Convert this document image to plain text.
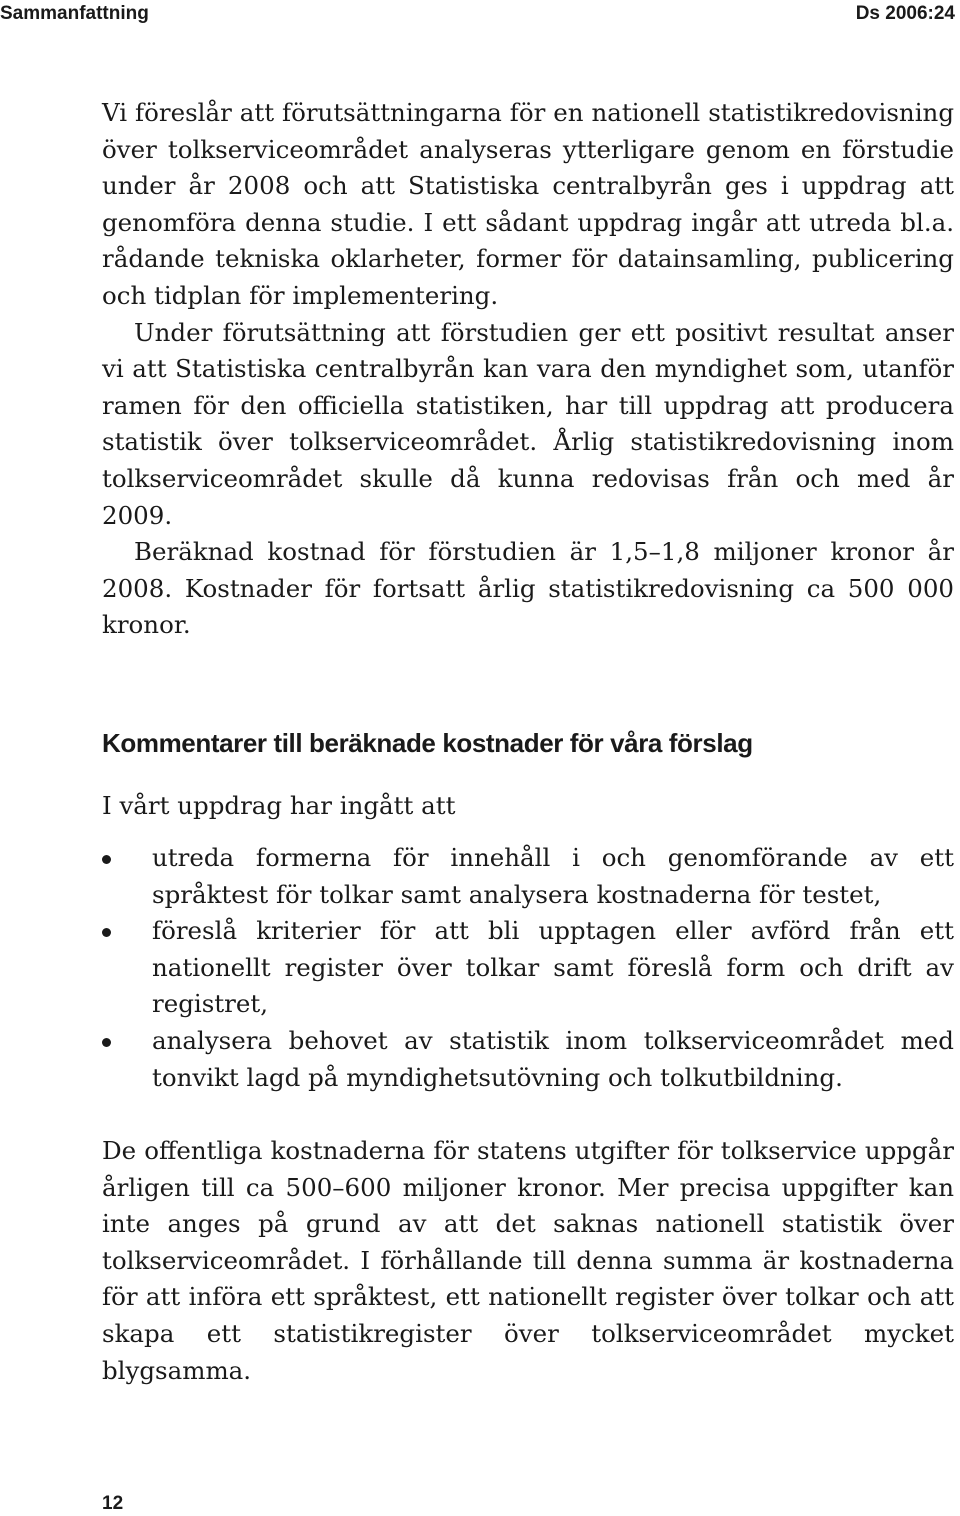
Sammanfattning	Ds 2006:24

Vi föreslår att förutsättningarna för en nationell statistikredovisning över tolkserviceområdet analyseras ytterligare genom en förstudie under år 2008 och att Statistiska centralbyrån ges i uppdrag att genomföra denna studie. I ett sådant uppdrag ingår att utreda bl.a. rådande tekniska oklarheter, former för datainsamling, publicering och tidplan för implementering.

Under förutsättning att förstudien ger ett positivt resultat anser vi att Statistiska centralbyrån kan vara den myndighet som, utanför ramen för den officiella statistiken, har till uppdrag att producera statistik över tolkserviceområdet. Årlig statistikredovisning inom tolkserviceområdet skulle då kunna redovisas från och med år 2009.

Beräknad kostnad för förstudien är 1,5–1,8 miljoner kronor år 2008. Kostnader för fortsatt årlig statistikredovisning ca 500 000 kronor.

Kommentarer till beräknade kostnader för våra förslag

I vårt uppdrag har ingått att

utreda formerna för innehåll i och genomförande av ett språktest för tolkar samt analysera kostnaderna för testet,
föreslå kriterier för att bli upptagen eller avförd från ett nationellt register över tolkar samt föreslå form och drift av registret,
analysera behovet av statistik inom tolkserviceområdet med tonvikt lagd på myndighetsutövning och tolkutbildning.

De offentliga kostnaderna för statens utgifter för tolkservice uppgår årligen till ca 500–600 miljoner kronor. Mer precisa uppgifter kan inte anges på grund av att det saknas nationell statistik över tolkserviceområdet. I förhållande till denna summa är kostnaderna för att införa ett språktest, ett nationellt register över tolkar och att skapa ett statistikregister över tolkserviceområdet mycket blygsamma.

12
